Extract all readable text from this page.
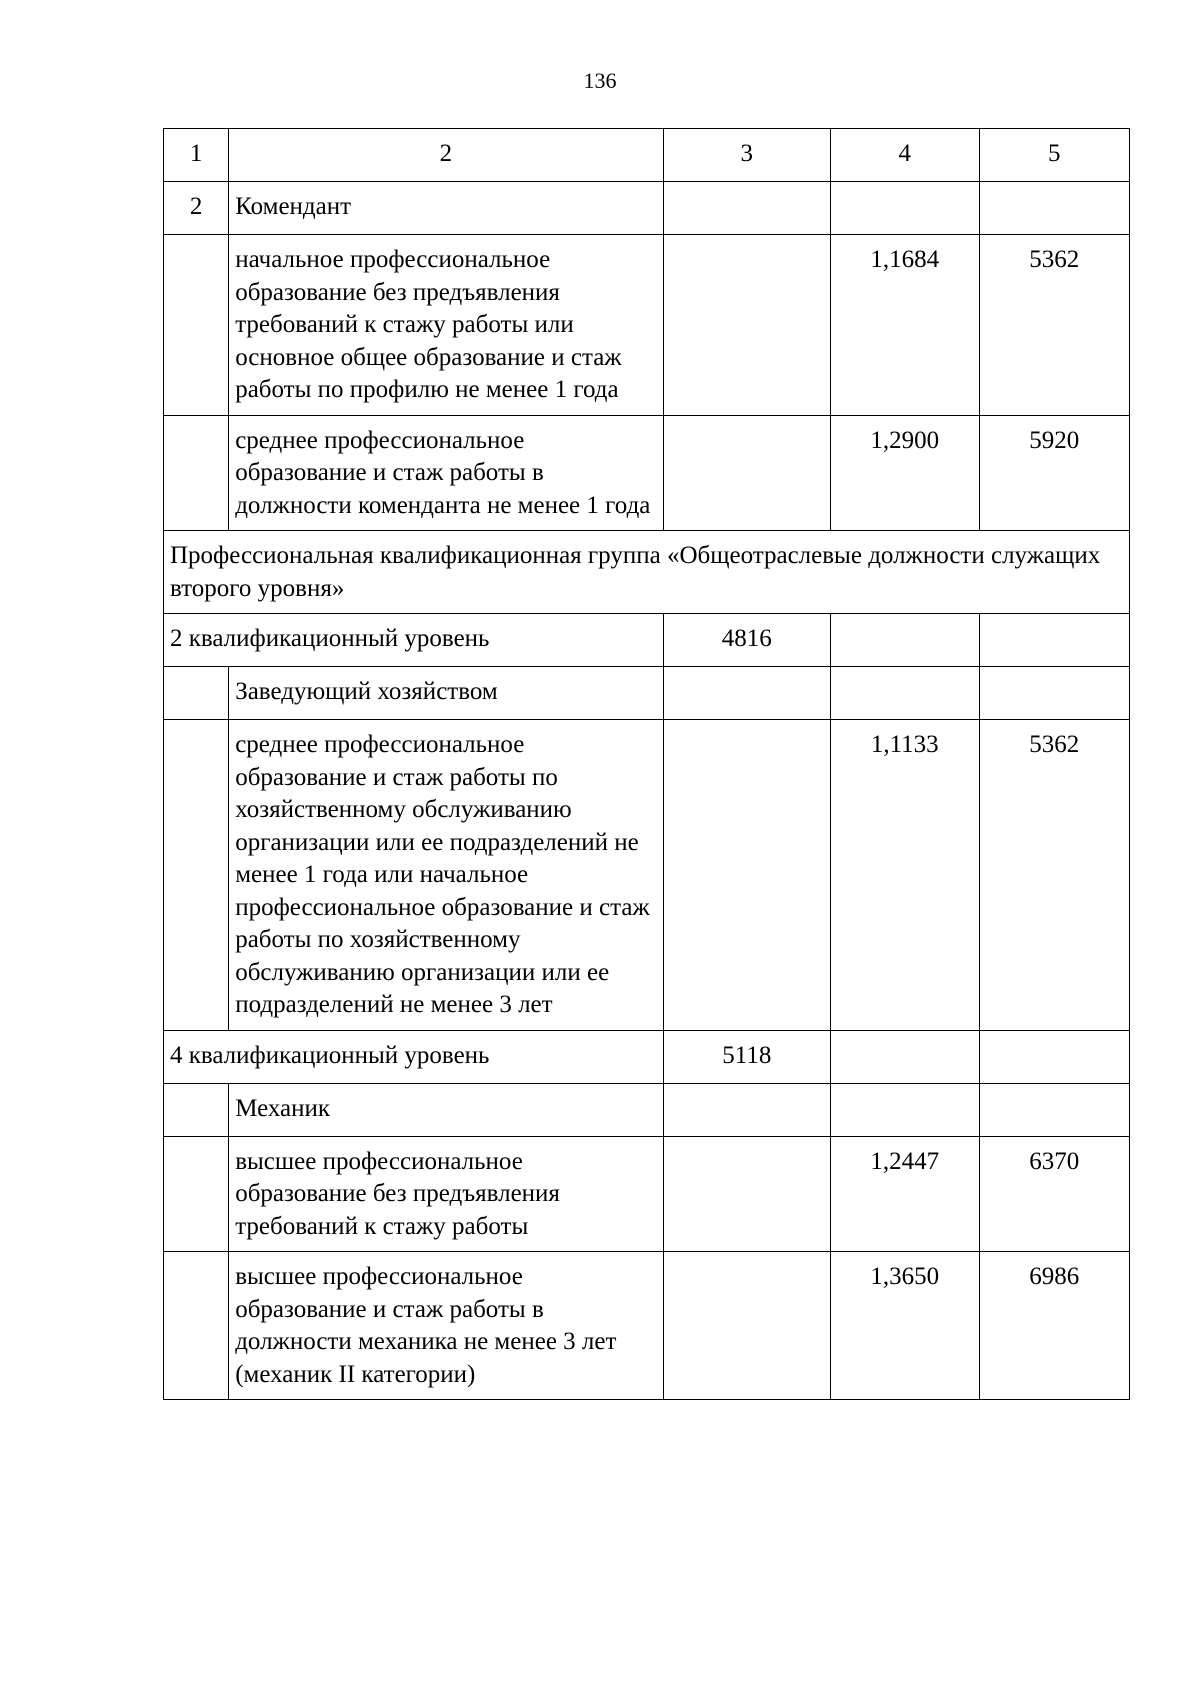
136
1	2	3	4	5
2	Комендант			
	начальное профессиональное образование без предъявления требований к стажу работы или основное общее образование и стаж работы по профилю не менее 1 года		1,1684	5362
	среднее профессиональное образование и стаж работы в должности коменданта не менее 1 года		1,2900	5920
Профессиональная квалификационная группа «Общеотраслевые должности служащих второго уровня»				
2 квалификационный уровень		4816		
	Заведующий хозяйством			
	среднее профессиональное образование и стаж работы по хозяйственному обслуживанию организации или ее подразделений не менее 1 года или начальное профессиональное образование и стаж работы по хозяйственному обслуживанию организации или ее подразделений не менее 3 лет		1,1133	5362
4 квалификационный уровень		5118		
	Механик			
	высшее профессиональное образование без предъявления требований к стажу работы		1,2447	6370
	высшее профессиональное образование и стаж работы в должности механика не менее 3 лет (механик II категории)		1,3650	6986
